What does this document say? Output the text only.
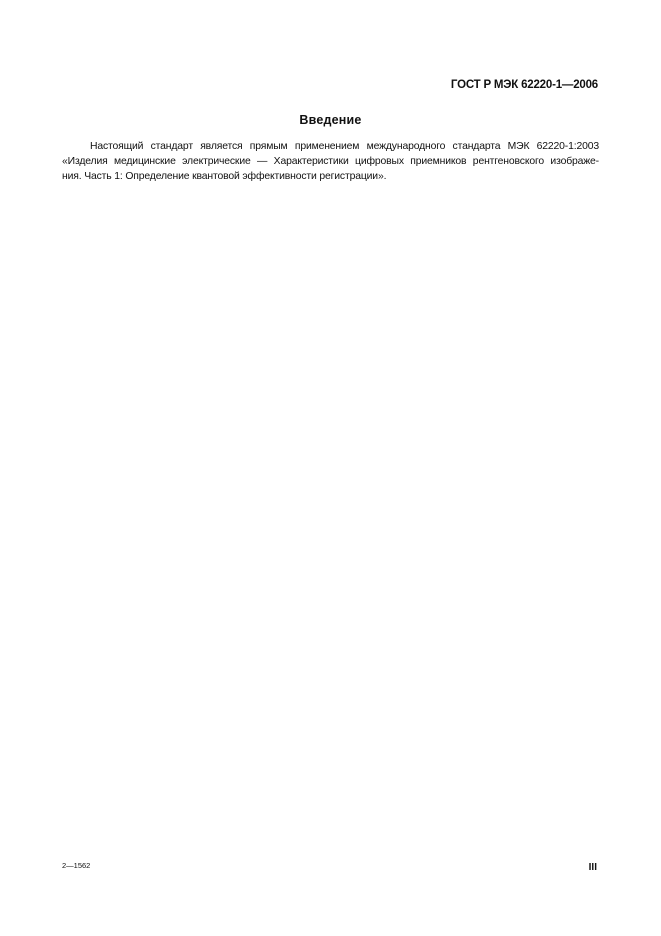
ГОСТ Р МЭК 62220-1—2006
Введение
Настоящий стандарт является прямым применением международного стандарта МЭК 62220-1:2003
«Изделия медицинские электрические — Характеристики цифровых приемников рентгеновского изображе-
ния. Часть 1: Определение квантовой эффективности регистрации».
2—1562	III
